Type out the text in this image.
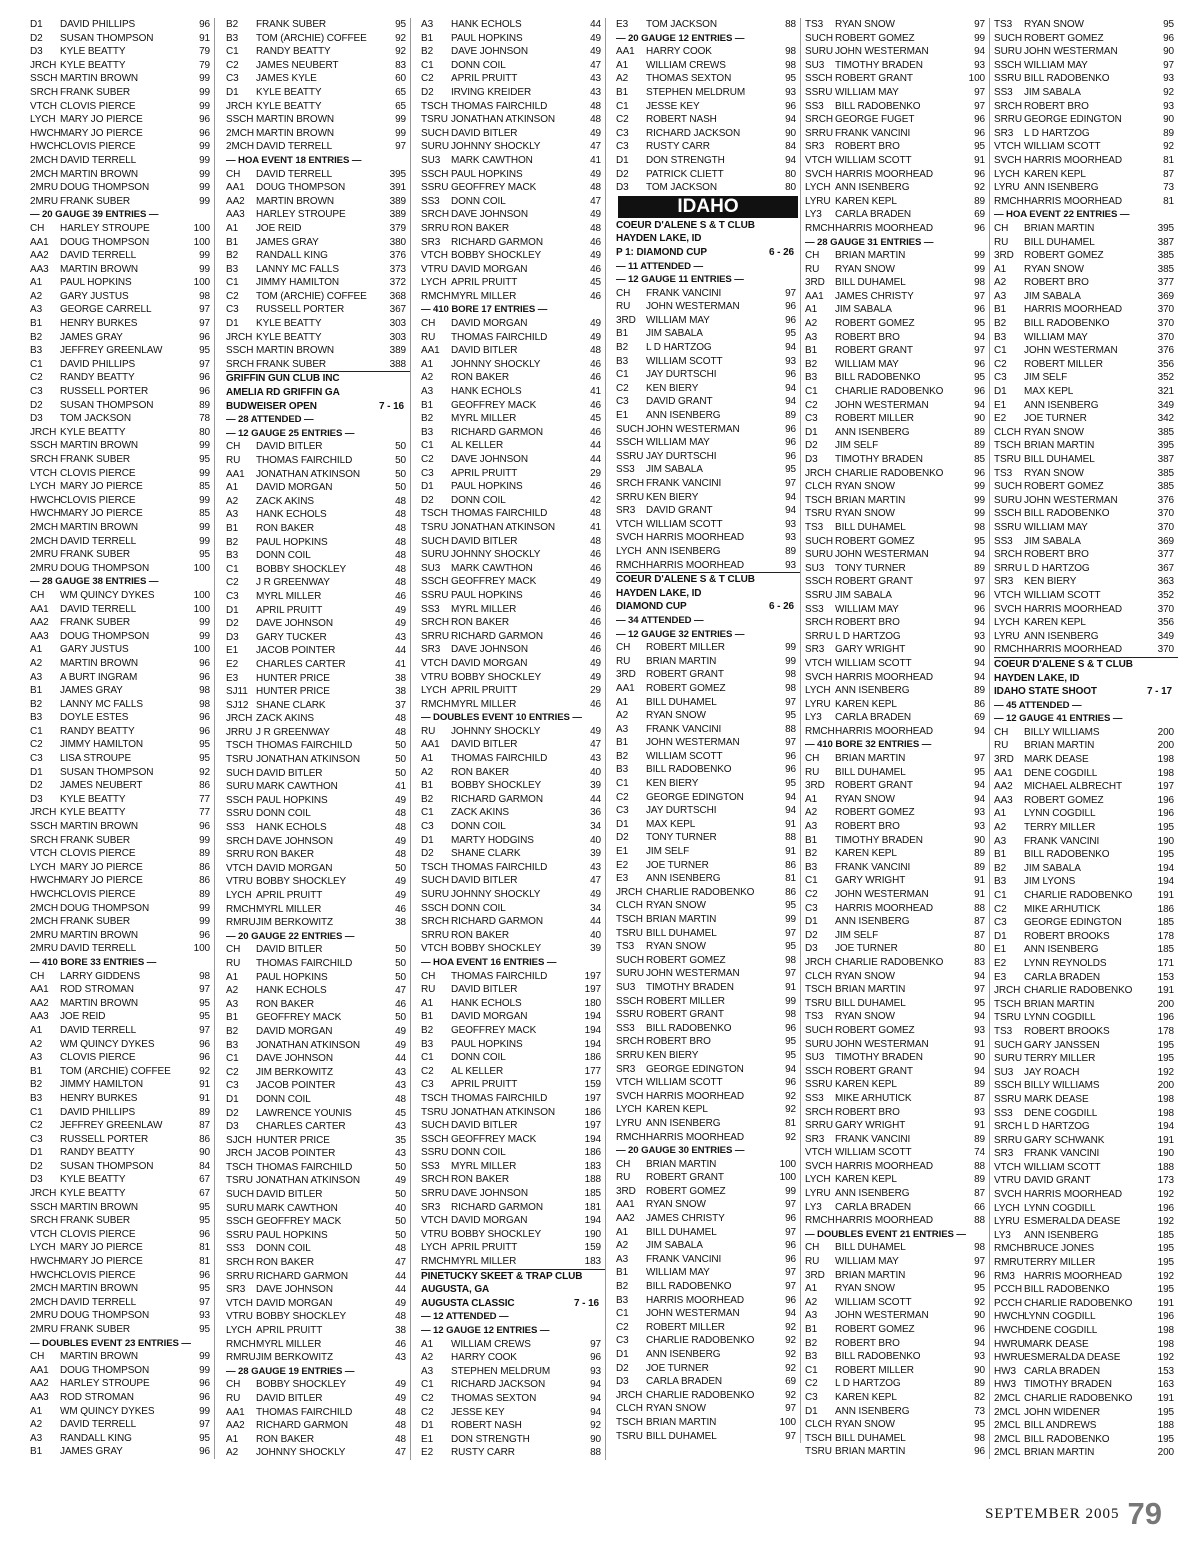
D1 DAVID PHILLIPS	96
D2 SUSAN THOMPSON	91
D3 KYLE BEATTY	79
JRCH KYLE BEATTY	79
SSCH MARTIN BROWN	99
SRCH FRANK SUBER	99
VTCH CLOVIS PIERCE	99
LYCH MARY JO PIERCE	96
HWCHMARY JO PIERCE	96
HWCHCLOVIS PIERCE	99
2MCH DAVID TERRELL	99
2MCH MARTIN BROWN	99
2MRU DOUG THOMPSON	99
2MRU FRANK SUBER	99
— 20 GAUGE 39 ENTRIES —
CH HARLEY STROUPE	100
AA1 DOUG THOMPSON	100
AA2 DAVID TERRELL	99
AA3 MARTIN BROWN	99
A1 PAUL HOPKINS	100
A2 GARY JUSTUS	98
A3 GEORGE CARRELL	97
B1 HENRY BURKES	97
B2 JAMES GRAY	96
B3 JEFFREY GREENLAW	95
C1 DAVID PHILLIPS	97
C2 RANDY BEATTY	96
C3 RUSSELL PORTER	96
D2 SUSAN THOMPSON	89
D3 TOM JACKSON	78
JRCH KYLE BEATTY	80
SSCH MARTIN BROWN	99
SRCH FRANK SUBER	95
VTCH CLOVIS PIERCE	99
LYCH MARY JO PIERCE	85
HWCHCLOVIS PIERCE	99
HWCHMARY JO PIERCE	85
2MCH MARTIN BROWN	99
2MCH DAVID TERRELL	99
2MRU FRANK SUBER	95
2MRU DOUG THOMPSON	100
— 28 GAUGE 38 ENTRIES —
CH WM QUINCY DYKES	100
AA1 DAVID TERRELL	100
AA2 FRANK SUBER	99
AA3 DOUG THOMPSON	99
A1 GARY JUSTUS	100
A2 MARTIN BROWN	96
A3 A BURT INGRAM	96
B1 JAMES GRAY	98
B2 LANNY MC FALLS	98
B3 DOYLE ESTES	96
C1 RANDY BEATTY	96
C2 JIMMY HAMILTON	95
C3 LISA STROUPE	95
D1 SUSAN THOMPSON	92
D2 JAMES NEUBERT	86
D3 KYLE BEATTY	77
JRCH KYLE BEATTY	77
SSCH MARTIN BROWN	96
SRCH FRANK SUBER	99
VTCH CLOVIS PIERCE	89
LYCH MARY JO PIERCE	86
HWCHMARY JO PIERCE	86
HWCHCLOVIS PIERCE	89
2MCH DOUG THOMPSON	99
2MCH FRANK SUBER	99
2MRU MARTIN BROWN	96
2MRU DAVID TERRELL	100
— 410 BORE 33 ENTRIES —
CH LARRY GIDDENS	98
AA1 ROD STROMAN	97
AA2 MARTIN BROWN	95
AA3 JOE REID	95
A1 DAVID TERRELL	97
A2 WM QUINCY DYKES	96
A3 CLOVIS PIERCE	96
B1 TOM (ARCHIE) COFFEE	92
B2 JIMMY HAMILTON	91
B3 HENRY BURKES	91
C1 DAVID PHILLIPS	89
C2 JEFFREY GREENLAW	87
C3 RUSSELL PORTER	86
D1 RANDY BEATTY	90
D2 SUSAN THOMPSON	84
D3 KYLE BEATTY	67
JRCH KYLE BEATTY	67
SSCH MARTIN BROWN	95
SRCH FRANK SUBER	95
VTCH CLOVIS PIERCE	96
LYCH MARY JO PIERCE	81
HWCHMARY JO PIERCE	81
HWCHCLOVIS PIERCE	96
2MCH MARTIN BROWN	95
2MCH DAVID TERRELL	97
2MRU DOUG THOMPSON	93
2MRU FRANK SUBER	95
— DOUBLES EVENT 23 ENTRIES —
CH MARTIN BROWN	99
AA1 DOUG THOMPSON	99
AA2 HARLEY STROUPE	96
AA3 ROD STROMAN	96
A1 WM QUINCY DYKES	99
A2 DAVID TERRELL	97
A3 RANDALL KING	95
B1 JAMES GRAY	96
B2 FRANK SUBER	95
B3 TOM (ARCHIE) COFFEE	92
C1 RANDY BEATTY	92
C2 JAMES NEUBERT	83
C3 JAMES KYLE	60
D1 KYLE BEATTY	65
JRCH KYLE BEATTY	65
SSCH MARTIN BROWN	99
2MCH MARTIN BROWN	99
2MCH DAVID TERRELL	97
— HOA EVENT 18 ENTRIES —
CH DAVID TERRELL	395
AA1 DOUG THOMPSON	391
AA2 MARTIN BROWN	389
AA3 HARLEY STROUPE	389
A1 JOE REID	379
B1 JAMES GRAY	380
B2 RANDALL KING	376
B3 LANNY MC FALLS	373
C1 JIMMY HAMILTON	372
C2 TOM (ARCHIE) COFFEE 368
C3 RUSSELL PORTER	367
D1 KYLE BEATTY	303
JRCH KYLE BEATTY	303
SSCH MARTIN BROWN	389
SRCH FRANK SUBER	388
GRIFFIN GUN CLUB INC
AMELIA RD GRIFFIN GA
BUDWEISER OPEN	7 - 16
— 28 ATTENDED —
— 12 GAUGE 25 ENTRIES —
CH DAVID BITLER	50
RU THOMAS FAIRCHILD	50
AA1 JONATHAN ATKINSON	50
A1 DAVID MORGAN	50
A2 ZACK AKINS	48
A3 HANK ECHOLS	48
B1 RON BAKER	48
B2 PAUL HOPKINS	48
B3 DONN COIL	48
C1 BOBBY SHOCKLEY	48
C2 J R GREENWAY	48
C3 MYRL MILLER	46
D1 APRIL PRUITT	49
D2 DAVE JOHNSON	49
D3 GARY TUCKER	43
E1 JACOB POINTER	44
E2 CHARLES CARTER	41
E3 HUNTER PRICE	38
SJ11 HUNTER PRICE	38
SJ12 SHANE CLARK	37
JRCH ZACK AKINS	48
JRRU J R GREENWAY	48
TSCH THOMAS FAIRCHILD	50
TSRU JONATHAN ATKINSON	50
SUCH DAVID BITLER	50
SURU MARK CAWTHON	41
SSCH PAUL HOPKINS	49
SSRU DONN COIL	48
SS3 HANK ECHOLS	48
SRCH DAVE JOHNSON	49
SRRU RON BAKER	48
VTCH DAVID MORGAN	50
VTRU BOBBY SHOCKLEY	49
LYCH APRIL PRUITT	49
RMCHMYRL MILLER	46
RMRUJIM BERKOWITZ	38
— 20 GAUGE 22 ENTRIES —
CH DAVID BITLER	50
RU THOMAS FAIRCHILD	50
A1 PAUL HOPKINS	50
A2 HANK ECHOLS	47
A3 RON BAKER	46
B1 GEOFFREY MACK	50
B2 DAVID MORGAN	49
B3 JONATHAN ATKINSON	49
C1 DAVE JOHNSON	44
C2 JIM BERKOWITZ	43
C3 JACOB POINTER	43
D1 DONN COIL	48
D2 LAWRENCE YOUNIS	45
D3 CHARLES CARTER	43
SJCH HUNTER PRICE	35
JRCH JACOB POINTER	43
TSCH THOMAS FAIRCHILD	50
TSRU JONATHAN ATKINSON	49
SUCH DAVID BITLER	50
SURU MARK CAWTHON	40
SSCH GEOFFREY MACK	50
SSRU PAUL HOPKINS	50
SS3 DONN COIL	48
SRCH RON BAKER	47
SRRU RICHARD GARMON	44
SR3 DAVE JOHNSON	44
VTCH DAVID MORGAN	49
VTRU BOBBY SHOCKLEY	48
LYCH APRIL PRUITT	38
RMCHMYRL MILLER	46
RMRUJIM BERKOWITZ	43
— 28 GAUGE 19 ENTRIES —
CH BOBBY SHOCKLEY	49
RU DAVID BITLER	49
AA1 THOMAS FAIRCHILD	48
AA2 RICHARD GARMON	48
A1 RON BAKER	48
A2 JOHNNY SHOCKLY	47
A3 HANK ECHOLS	44
B1 PAUL HOPKINS	49
B2 DAVE JOHNSON	49
C1 DONN COIL	47
C2 APRIL PRUITT	43
D2 IRVING KREIDER	43
TSCH THOMAS FAIRCHILD	48
TSRU JONATHAN ATKINSON	48
SUCH DAVID BITLER	49
SURU JOHNNY SHOCKLY	47
SU3 MARK CAWTHON	41
SSCH PAUL HOPKINS	49
SSRU GEOFFREY MACK	48
SS3 DONN COIL	47
SRCH DAVE JOHNSON	49
SRRU RON BAKER	48
SR3 RICHARD GARMON	46
VTCH BOBBY SHOCKLEY	49
VTRU DAVID MORGAN	46
LYCH APRIL PRUITT	45
RMCHMYRL MILLER	46
— 410 BORE 17 ENTRIES —
CH DAVID MORGAN	49
RU THOMAS FAIRCHILD	49
AA1 DAVID BITLER	48
A1 JOHNNY SHOCKLY	46
A2 RON BAKER	46
A3 HANK ECHOLS	41
B1 GEOFFREY MACK	46
B2 MYRL MILLER	45
B3 RICHARD GARMON	46
C1 AL KELLER	44
C2 DAVE JOHNSON	44
C3 APRIL PRUITT	29
D1 PAUL HOPKINS	46
D2 DONN COIL	42
TSCH THOMAS FAIRCHILD	48
TSRU JONATHAN ATKINSON	41
SUCH DAVID BITLER	48
SURU JOHNNY SHOCKLY	46
SU3 MARK CAWTHON	46
SSCH GEOFFREY MACK	49
SSRU PAUL HOPKINS	46
SS3 MYRL MILLER	46
SRCH RON BAKER	46
SRRU RICHARD GARMON	46
SR3 DAVE JOHNSON	46
VTCH DAVID MORGAN	49
VTRU BOBBY SHOCKLEY	49
LYCH APRIL PRUITT	29
RMCHMYRL MILLER	46
— DOUBLES EVENT 10 ENTRIES —
RU JOHNNY SHOCKLY	49
AA1 DAVID BITLER	47
A1 THOMAS FAIRCHILD	43
A2 RON BAKER	40
B1 BOBBY SHOCKLEY	39
B2 RICHARD GARMON	44
C1 ZACK AKINS	36
C3 DONN COIL	34
D1 MARTY HODGINS	40
D2 SHANE CLARK	39
TSCH THOMAS FAIRCHILD	43
SUCH DAVID BITLER	47
SURU JOHNNY SHOCKLY	49
SSCH DONN COIL	34
SRCH RICHARD GARMON	44
SRRU RON BAKER	40
VTCH BOBBY SHOCKLEY	39
— HOA EVENT 16 ENTRIES —
CH THOMAS FAIRCHILD	197
RU DAVID BITLER	197
A1 HANK ECHOLS	180
B1 DAVID MORGAN	194
B2 GEOFFREY MACK	194
B3 PAUL HOPKINS	194
C1 DONN COIL	186
C2 AL KELLER	177
C3 APRIL PRUITT	159
TSCH THOMAS FAIRCHILD	197
TSRU JONATHAN ATKINSON	186
SUCH DAVID BITLER	197
SSCH GEOFFREY MACK	194
SSRU DONN COIL	186
SS3 MYRL MILLER	183
SRCH RON BAKER	188
SRRU DAVE JOHNSON	185
SR3 RICHARD GARMON	181
VTCH DAVID MORGAN	194
VTRU BOBBY SHOCKLEY	190
LYCH APRIL PRUITT	159
RMCHMYRL MILLER	183
PINETUCKY SKEET & TRAP CLUB
AUGUSTA, GA
AUGUSTA CLASSIC	7 - 16
— 12 ATTENDED —
— 12 GAUGE 12 ENTRIES —
A1 WILLIAM CREWS	97
A2 HARRY COOK	96
A3 STEPHEN MELDRUM	93
C1 RICHARD JACKSON	94
C2 THOMAS SEXTON	94
C2 JESSE KEY	94
D1 ROBERT NASH	92
E1 DON STRENGTH	90
E2 RUSTY CARR	88
E3 TOM JACKSON	88
— 20 GAUGE 12 ENTRIES —
AA1 HARRY COOK	98
A1 WILLIAM CREWS	98
A2 THOMAS SEXTON	95
B1 STEPHEN MELDRUM	93
C1 JESSE KEY	96
C2 ROBERT NASH	94
C3 RICHARD JACKSON	90
C3 RUSTY CARR	84
D1 DON STRENGTH	94
D2 PATRICK CLIETT	80
D3 TOM JACKSON	80
IDAHO
COEUR D'ALENE S & T CLUB
HAYDEN LAKE, ID
P 1: DIAMOND CUP	6 - 26
— 11 ATTENDED —
— 12 GAUGE 11 ENTRIES —
CH FRANK VANCINI	97
RU JOHN WESTERMAN	96
3RD WILLIAM MAY	96
B1 JIM SABALA	95
B2 L D HARTZOG	94
B3 WILLIAM SCOTT	93
C1 JAY DURTSCHI	96
C2 KEN BIERY	94
C3 DAVID GRANT	94
E1 ANN ISENBERG	89
SUCH JOHN WESTERMAN	96
SSCH WILLIAM MAY	96
SSRU JAY DURTSCHI	96
SS3 JIM SABALA	95
SRCH FRANK VANCINI	97
SRRU KEN BIERY	94
SR3 DAVID GRANT	94
VTCH WILLIAM SCOTT	93
SVCH HARRIS MOORHEAD	93
LYCH ANN ISENBERG	89
RMCHHARRIS MOORHEAD	93
COEUR D'ALENE S & T CLUB
HAYDEN LAKE, ID
DIAMOND CUP	6 - 26
— 34 ATTENDED —
— 12 GAUGE 32 ENTRIES —
CH ROBERT MILLER	99
RU BRIAN MARTIN	99
3RD ROBERT GRANT	98
AA1 ROBERT GOMEZ	98
A1 BILL DUHAMEL	97
A2 RYAN SNOW	95
A3 FRANK VANCINI	88
B1 JOHN WESTERMAN	97
B2 WILLIAM SCOTT	96
B3 BILL RADOBENKO	96
C1 KEN BIERY	95
C2 GEORGE EDINGTON	94
C3 JAY DURTSCHI	94
D1 MAX KEPL	91
D2 TONY TURNER	88
E1 JIM SELF	91
E2 JOE TURNER	86
E3 ANN ISENBERG	81
JRCH CHARLIE RADOBENKO	86
CLCH RYAN SNOW	95
TSCH BRIAN MARTIN	99
TSRU BILL DUHAMEL	97
TS3 RYAN SNOW	95
SUCH ROBERT GOMEZ	98
SURU JOHN WESTERMAN	97
SU3 TIMOTHY BRADEN	91
SSCH ROBERT MILLER	99
SSRU ROBERT GRANT	98
SS3 BILL RADOBENKO	96
SRCH ROBERT BRO	95
SRRU KEN BIERY	95
SR3 GEORGE EDINGTON	94
VTCH WILLIAM SCOTT	96
SVCH HARRIS MOORHEAD	92
LYCH KAREN KEPL	92
LYRU ANN ISENBERG	81
RMCHHARRIS MOORHEAD	92
— 20 GAUGE 30 ENTRIES —
CH BRIAN MARTIN	100
RU ROBERT GRANT	100
3RD ROBERT GOMEZ	99
AA1 RYAN SNOW	97
AA2 JAMES CHRISTY	96
A1 BILL DUHAMEL	97
A2 JIM SABALA	96
A3 FRANK VANCINI	96
B1 WILLIAM MAY	97
B2 BILL RADOBENKO	97
B3 HARRIS MOORHEAD	96
C1 JOHN WESTERMAN	94
C2 ROBERT MILLER	92
C3 CHARLIE RADOBENKO	92
D1 ANN ISENBERG	92
D2 JOE TURNER	92
D3 CARLA BRADEN	69
JRCH CHARLIE RADOBENKO	92
CLCH RYAN SNOW	97
TSCH BRIAN MARTIN	100
TSRU BILL DUHAMEL	97
TS3 RYAN SNOW	97
SUCH ROBERT GOMEZ	99
SURU JOHN WESTERMAN	94
SU3 TIMOTHY BRADEN	93
SSCH ROBERT GRANT	100
SSRU WILLIAM MAY	97
SS3 BILL RADOBENKO	97
SRCH GEORGE FUGET	96
SRRU FRANK VANCINI	96
SR3 ROBERT BRO	95
VTCH WILLIAM SCOTT	91
SVCH HARRIS MOORHEAD	96
LYCH ANN ISENBERG	92
LYRU KAREN KEPL	89
LY3 CARLA BRADEN	69
RMCHHARRIS MOORHEAD	96
— 28 GAUGE 31 ENTRIES —
CH BRIAN MARTIN	99
RU RYAN SNOW	99
3RD BILL DUHAMEL	98
AA1 JAMES CHRISTY	97
A1 JIM SABALA	96
A2 ROBERT GOMEZ	95
A3 ROBERT BRO	94
B1 ROBERT GRANT	97
B2 WILLIAM MAY	96
B3 BILL RADOBENKO	95
C1 CHARLIE RADOBENKO	96
C2 JOHN WESTERMAN	94
C3 ROBERT MILLER	90
D1 ANN ISENBERG	89
D2 JIM SELF	89
D3 TIMOTHY BRADEN	85
JRCH CHARLIE RADOBENKO	96
CLCH RYAN SNOW	99
TSCH BRIAN MARTIN	99
TSRU RYAN SNOW	99
TS3 BILL DUHAMEL	98
SUCH ROBERT GOMEZ	95
SURU JOHN WESTERMAN	94
SU3 TONY TURNER	89
SSCH ROBERT GRANT	97
SSRU JIM SABALA	96
SS3 WILLIAM MAY	96
SRCH ROBERT BRO	94
SRRU L D HARTZOG	93
SR3 GARY WRIGHT	90
VTCH WILLIAM SCOTT	94
SVCH HARRIS MOORHEAD	94
LYCH ANN ISENBERG	89
LYRU KAREN KEPL	86
LY3 CARLA BRADEN	69
RMCHHARRIS MOORHEAD	94
— 410 BORE 32 ENTRIES —
CH BRIAN MARTIN	97
RU BILL DUHAMEL	95
3RD ROBERT GRANT	94
A1 RYAN SNOW	94
A2 ROBERT GOMEZ	93
A3 ROBERT BRO	93
B1 TIMOTHY BRADEN	90
B2 KAREN KEPL	89
B3 FRANK VANCINI	89
C1 GARY WRIGHT	91
C2 JOHN WESTERMAN	91
C3 HARRIS MOORHEAD	88
D1 ANN ISENBERG	87
D2 JIM SELF	87
D3 JOE TURNER	80
JRCH CHARLIE RADOBENKO	83
CLCH RYAN SNOW	94
TSCH BRIAN MARTIN	97
TSRU BILL DUHAMEL	95
TS3 RYAN SNOW	94
SUCH ROBERT GOMEZ	93
SURU JOHN WESTERMAN	91
SU3 TIMOTHY BRADEN	90
SSCH ROBERT GRANT	94
SSRU KAREN KEPL	89
SS3 MIKE ARHUTICK	87
SRCH ROBERT BRO	93
SRRU GARY WRIGHT	91
SR3 FRANK VANCINI	89
VTCH WILLIAM SCOTT	74
SVCH HARRIS MOORHEAD	88
LYCH KAREN KEPL	89
LYRU ANN ISENBERG	87
LY3 CARLA BRADEN	66
RMCHHARRIS MOORHEAD	88
— DOUBLES EVENT 21 ENTRIES —
CH BILL DUHAMEL	98
RU WILLIAM MAY	97
3RD BRIAN MARTIN	96
A1 RYAN SNOW	95
A2 WILLIAM SCOTT	92
A3 JOHN WESTERMAN	90
B1 ROBERT GOMEZ	96
B2 ROBERT BRO	94
B3 BILL RADOBENKO	93
C1 ROBERT MILLER	90
C2 L D HARTZOG	89
C3 KAREN KEPL	82
D1 ANN ISENBERG	73
CLCH RYAN SNOW	95
TSCH BILL DUHAMEL	98
TSRU BRIAN MARTIN	96
TS3 RYAN SNOW	95
SUCH ROBERT GOMEZ	96
SURU JOHN WESTERMAN	90
SSCH WILLIAM MAY	97
SSRU BILL RADOBENKO	93
SS3 JIM SABALA	92
SRCH ROBERT BRO	93
SRRU GEORGE EDINGTON	90
SR3 L D HARTZOG	89
VTCH WILLIAM SCOTT	92
SVCH HARRIS MOORHEAD	81
LYCH KAREN KEPL	87
LYRU ANN ISENBERG	73
RMCHHARRIS MOORHEAD	81
— HOA EVENT 22 ENTRIES —
CH BRIAN MARTIN	395
RU BILL DUHAMEL	387
3RD ROBERT GOMEZ	385
A1 RYAN SNOW	385
A2 ROBERT BRO	377
A3 JIM SABALA	369
B1 HARRIS MOORHEAD	370
B2 BILL RADOBENKO	370
B3 WILLIAM MAY	370
C1 JOHN WESTERMAN	376
C2 ROBERT MILLER	356
C3 JIM SELF	352
D1 MAX KEPL	321
E1 ANN ISENBERG	349
E2 JOE TURNER	342
CLCH RYAN SNOW	385
TSCH BRIAN MARTIN	395
TSRU BILL DUHAMEL	387
TS3 RYAN SNOW	385
SUCH ROBERT GOMEZ	385
SURU JOHN WESTERMAN	376
SSCH BILL RADOBENKO	370
SSRU WILLIAM MAY	370
SS3 JIM SABALA	369
SRCH ROBERT BRO	377
SRRU L D HARTZOG	367
SR3 KEN BIERY	363
VTCH WILLIAM SCOTT	352
SVCH HARRIS MOORHEAD	370
LYCH KAREN KEPL	356
LYRU ANN ISENBERG	349
RMCHHARRIS MOORHEAD	370
COEUR D'ALENE S & T CLUB
HAYDEN LAKE, ID
IDAHO STATE SHOOT	7 - 17
— 45 ATTENDED —
— 12 GAUGE 41 ENTRIES —
CH BILLY WILLIAMS	200
RU BRIAN MARTIN	200
3RD MARK DEASE	198
AA1 DENE COGDILL	198
AA2 MICHAEL ALBRECHT	197
AA3 ROBERT GOMEZ	196
A1 LYNN COGDILL	196
A2 TERRY MILLER	195
A3 FRANK VANCINI	190
B1 BILL RADOBENKO	195
B2 JIM SABALA	194
B3 JIM LYONS	194
C1 CHARLIE RADOBENKO	191
C2 MIKE ARHUTICK	186
C3 GEORGE EDINGTON	185
D1 ROBERT BROOKS	178
E1 ANN ISENBERG	185
E2 LYNN REYNOLDS	171
E3 CARLA BRADEN	153
JRCH CHARLIE RADOBENKO	191
TSCH BRIAN MARTIN	200
TSRU LYNN COGDILL	196
TS3 ROBERT BROOKS	178
SUCH GARY JANSSEN	195
SURU TERRY MILLER	195
SU3 JAY ROACH	192
SSCH BILLY WILLIAMS	200
SSRU MARK DEASE	198
SS3 DENE COGDILL	198
SRCH L D HARTZOG	194
SRRU GARY SCHWANK	191
SR3 FRANK VANCINI	190
VTCH WILLIAM SCOTT	188
VTRU DAVID GRANT	173
SVCH HARRIS MOORHEAD	192
LYCH LYNN COGDILL	196
LYRU ESMERALDA DEASE	192
LY3 ANN ISENBERG	185
RMCHBRUCE JONES	195
RMRUTERRY MILLER	195
RM3 HARRIS MOORHEAD	192
PCCH BILL RADOBENKO	195
PCCH CHARLIE RADOBENKO	191
HWCHLYNN COGDILL	196
HWCHDENE COGDILL	198
HWRUMARK DEASE	198
HWRUESMERALDA DEASE	192
HW3 CARLA BRADEN	153
HW3 TIMOTHY BRADEN	163
2MCL CHARLIE RADOBENKO	191
2MCL JOHN WIDENER	195
2MCL BILL ANDREWS	188
2MCL BILL RADOBENKO	195
2MCL BRIAN MARTIN	200
SEPTEMBER 2005 79
